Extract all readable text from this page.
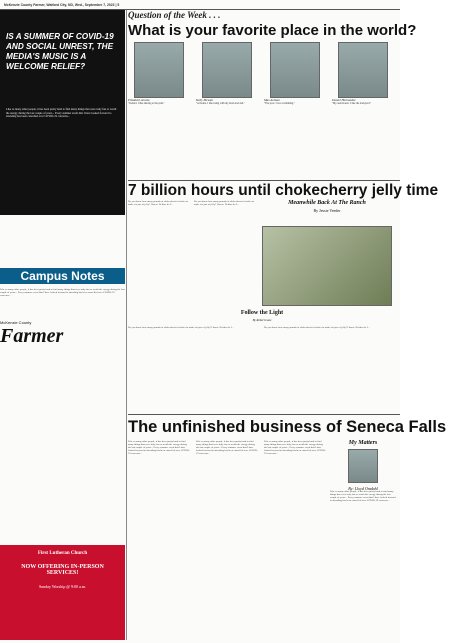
McKenzie County Farmer, Watford City, ND, Wed., September 7, 2022 | 5
IS A SUMMER OF COVID-19 AND SOCIAL UNREST, THE MEDIA'S MUSIC IS A WELCOME RELIEF?
Like so many other people, it has been pretty hard to find many things that were truly fun or worth the energy during the last couple of years... Every summer event that I have looked forward to attending has been cancelled over COVID-19 concerns...
Question of the Week . . .
What is your favorite place in the world?
Elizabeth Acosta
"Ireland. I like sharing at the park."
Kelly Mewah
"At home. I like being with my mom and dad."
Max Arnkan
"The pool. I love swimming."
Daniel Hernandez
"My aunt Karen. I like the backyard."
7 billion hours until chokecherry jelly time
Do you know how many pounds of chokecherries it takes to make six jars of jelly? I know. Neither do I...
Do you know how many pounds of chokecherries it takes to make six jars of jelly? I know. Neither do I...	Meanwhile Back At The Ranch
By Jessie Veeder
Follow the Light
By Robert Lane
Do you know how many pounds of chokecherries it takes to make six jars of jelly? I know. Neither do I...	Do you know how many pounds of chokecherries it takes to make six jars of jelly? I know. Neither do I...
Campus Notes
Like so many other people, it has been pretty hard to find many things that were truly fun or worth the energy during the last couple of years... Every summer event that I have looked forward to attending has been cancelled over COVID-19 concerns...
McKenzie County
Farmer
First Lutheran Church
NOW OFFERING IN-PERSON SERVICES!
Sunday Worship @ 9:00 a.m.
The unfinished business of Seneca Falls
My Matters
By: Lloyd Omdahl
Like so many other people, it has been pretty hard to find many things that were truly fun or worth the energy during the last couple of years... Every summer event that I have looked forward to attending has been cancelled over COVID-19 concerns...
Like so many other people, it has been pretty hard to find many things that were truly fun or worth the energy during the last couple of years... Every summer event that I have looked forward to attending has been cancelled over COVID-19 concerns...
Like so many other people, it has been pretty hard to find many things that were truly fun or worth the energy during the last couple of years... Every summer event that I have looked forward to attending has been cancelled over COVID-19 concerns...
Like so many other people, it has been pretty hard to find many things that were truly fun or worth the energy during the last couple of years... Every summer event that I have looked forward to attending has been cancelled over COVID-19 concerns...
